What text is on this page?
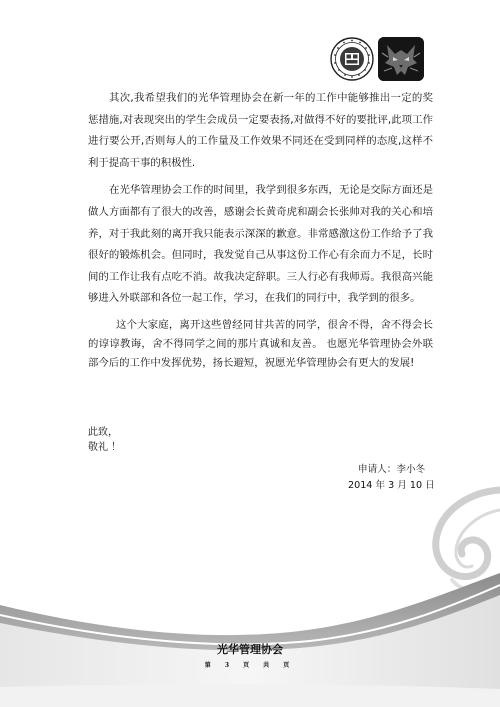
其次,我希望我们的光华管理协会在新一年的工作中能够推出一定的奖惩措施,对表现突出的学生会成员一定要表扬,对做得不好的要批评,此项工作进行要公开,否则每人的工作量及工作效果不同还在受到同样的态度,这样不利于提高干事的积极性.

在光华管理协会工作的时间里，我学到很多东西，无论是交际方面还是做人方面都有了很大的改善，感谢会长黄奇虎和副会长张帅对我的关心和培养，对于我此刻的离开我只能表示深深的歉意。非常感激这份工作给予了我很好的锻炼机会。但同时，我发觉自己从事这份工作心有余而力不足，长时间的工作让我有点吃不消。故我决定辞职。三人行必有我师焉。我很高兴能够进入外联部和各位一起工作，学习，在我们的同行中，我学到的很多。

这个大家庭，离开这些曾经同甘共苦的同学，很舍不得，舍不得会长的谆谆教诲，舍不得同学之间的那片真诚和友善。 也愿光华管理协会外联部今后的工作中发挥优势，扬长避短，祝愿光华管理协会有更大的发展!

此致，
敬礼 ！
申请人：李小冬
2014 年 3 月 10 日
光华管理协会
第 3 页 共 页
